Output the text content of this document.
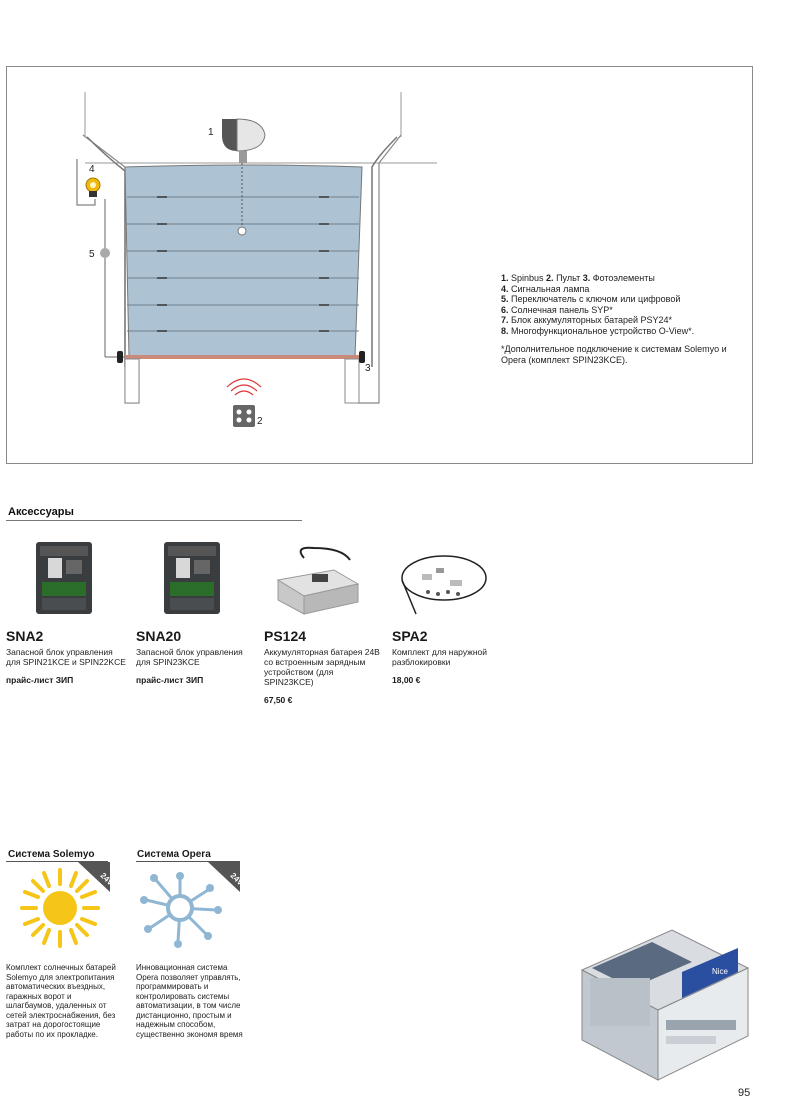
1
4
5
3
2
1. Spinbus 2. Пульт 3. Фотоэлементы
4. Сигнальная лампа
5. Переключатель с ключом или цифровой
6. Солнечная панель SYP*
7. Блок аккумуляторных батарей PSY24*
8. Многофункциональное устройство O-View*.
*Дополнительное подключение к системам Solemyo и Opera (комплект SPIN23KCE).
Аксессуары
SNA2
Запасной блок управления для SPIN21KCE и SPIN22KCE
прайс-лист ЗИП
SNA20
Запасной блок управления для SPIN23KCE
прайс-лист ЗИП
PS124
Аккумуляторная батарея 24В со встроенным зарядным устройством (для SPIN23KCE)
67,50 €
SPA2
Комплект для наружной разблокировки
18,00 €
Система Solemyo
24V
Комплект солнечных батарей Solemyo для электропитания автоматических въездных, гаражных ворот и шлагбаумов, удаленных от сетей электроснабжения, без затрат на дорогостоящие работы по их прокладке.
Система Opera
24V
Инновационная система Opera позволяет управлять, программировать и контролировать системы автоматизации, в том числе дистанционно, простым и надежным способом, существенно экономя время
Nice
95
